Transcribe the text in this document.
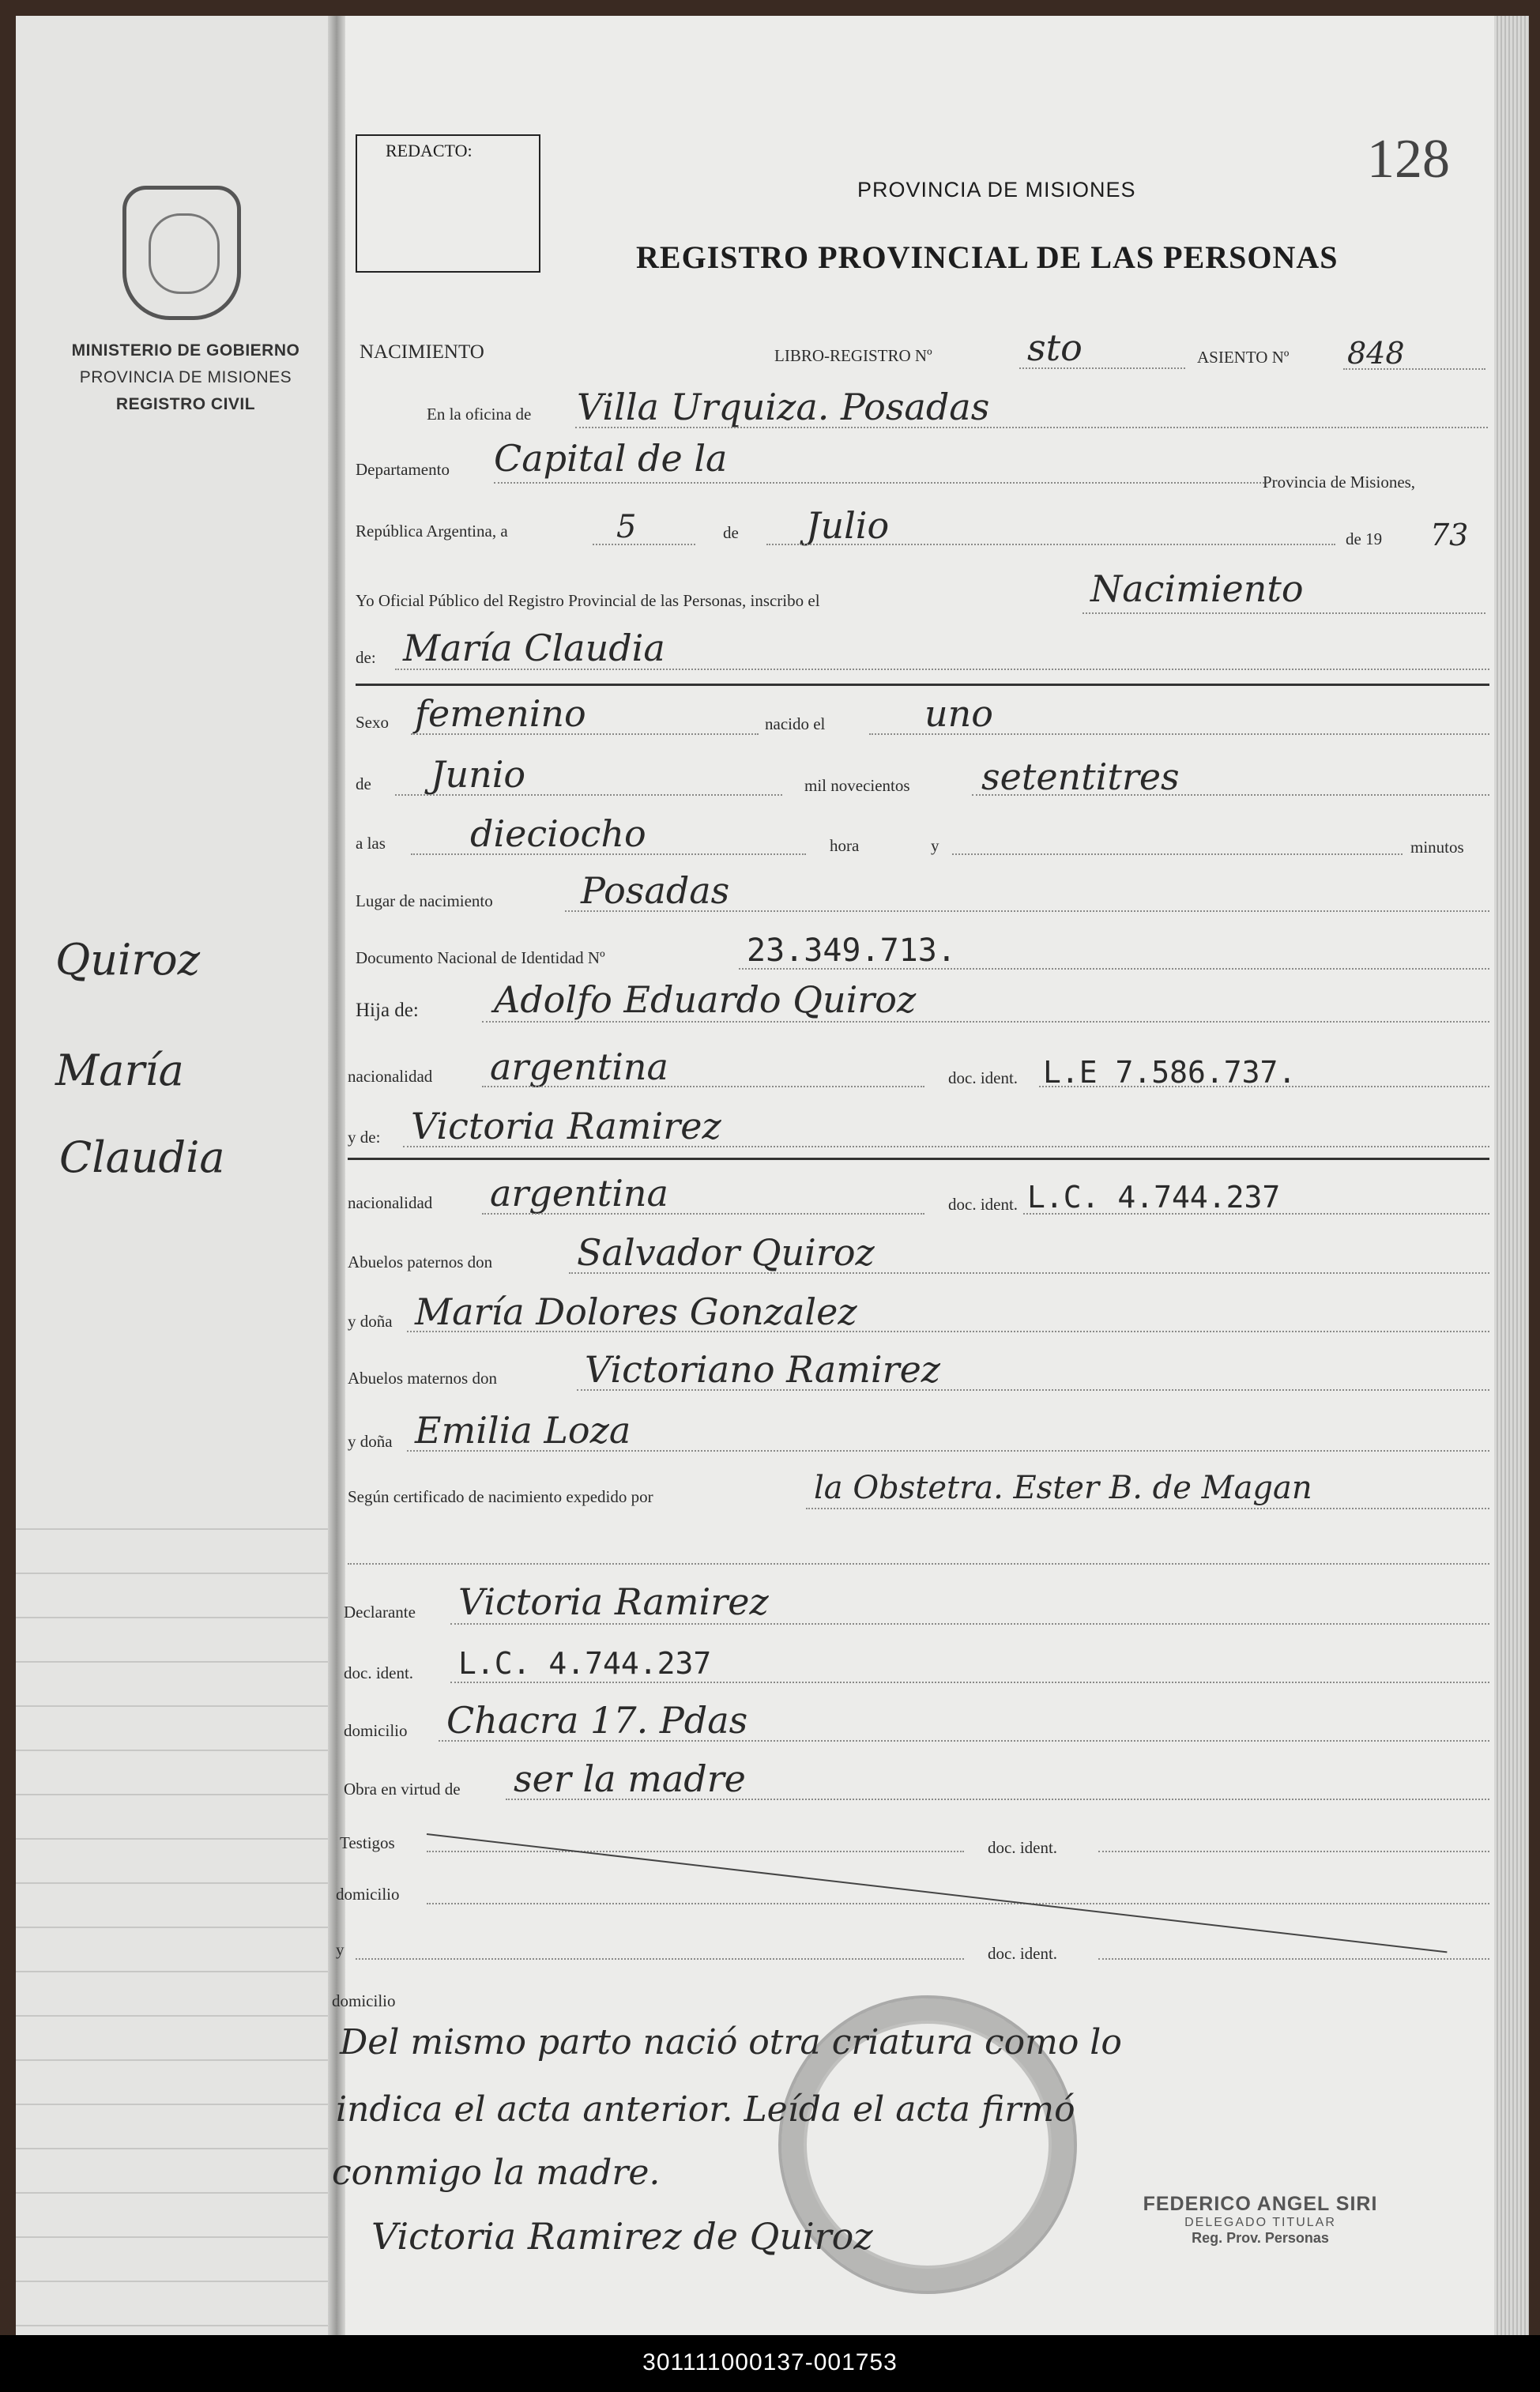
MINISTERIO DE GOBIERNO
PROVINCIA DE MISIONES
REGISTRO CIVIL
Quiroz
María
Claudia
REDACTO:	128
PROVINCIA DE MISIONES
REGISTRO PROVINCIAL DE LAS PERSONAS
NACIMIENTO	LIBRO-REGISTRO Nº	sto	ASIENTO Nº 848
En la oficina de Villa Urquiza. Posadas
Departamento Capital de la
Provincia de Misiones,
República Argentina, a	5	de Julio	de 19 73
Yo Oficial Público del Registro Provincial de las Personas, inscribo el	Nacimiento
de: María Claudia
Sexo femenino	nacido el	uno
de Junio	mil novecientos setentitres
a las dieciocho	hora	y	minutos
Lugar de nacimiento Posadas
Documento Nacional de Identidad Nº	23.349.713.
Hija de: Adolfo Eduardo Quiroz
nacionalidad argentina	doc. ident. L.E 7.586.737.
y de: Victoria Ramirez
nacionalidad argentina	doc. ident. L.C. 4.744.237
Abuelos paternos don Salvador Quiroz
y doña María Dolores Gonzalez
Abuelos maternos don Victoriano Ramirez
y doña Emilia Loza
Según certificado de nacimiento expedido por	la Obstetra. Ester B. de Magan
Declarante Victoria Ramirez
doc. ident. L.C. 4.744.237
domicilio Chacra 17. Pdas
Obra en virtud de ser la madre
Testigos	doc. ident.
domicilio
y	doc. ident.
domicilio
Del mismo parto nació otra criatura como lo
indica el acta anterior. Leída el acta firmó
conmigo la madre.
Victoria Ramirez de Quiroz
FEDERICO ANGEL SIRI
DELEGADO TITULAR
Reg. Prov. Personas
301111000137-001753
